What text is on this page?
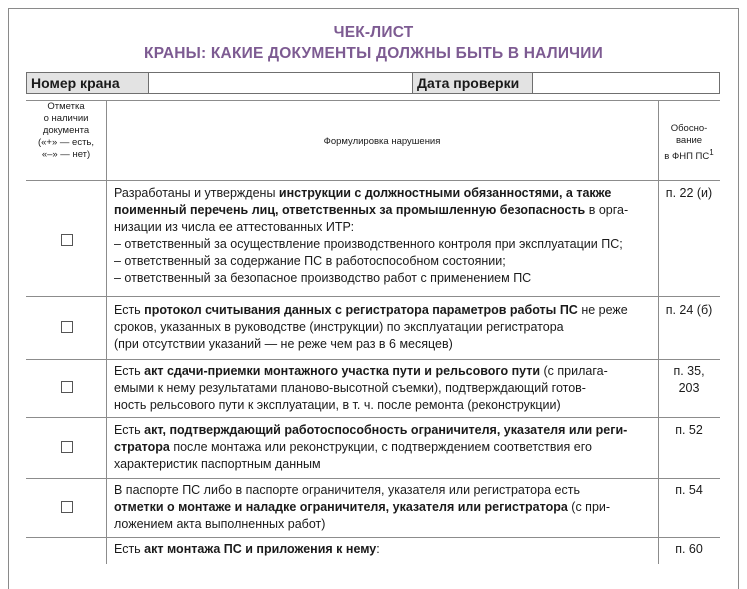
ЧЕК-ЛИСТ
КРАНЫ: КАКИЕ ДОКУМЕНТЫ ДОЛЖНЫ БЫТЬ В НАЛИЧИИ
Номер крана	Дата проверки
Отметка
о наличии
документа
(«+» — есть,
«–» — нет)
Формулировка нарушения
Обосно-
вание
в ФНП $ПС^1$

Разработаны и утверждены инструкции с должностными обязанностями, а также

поименный перечень лиц, ответственных за промышленную безопасность в орга-

низации из числа ее аттестованных ИТР:

– ответственный за осуществление производственного контроля при эксплуатации ПС;

– ответственный за содержание ПС в работоспособном состоянии;

– ответственный за безопасное производство работ с применением ПС

п. 22 (и)

Есть протокол считывания данных с регистратора параметров работы ПС не реже

сроков, указанных в руководстве (инструкции) по эксплуатации регистратора

(при отсутствии указаний — не реже чем раз в 6 месяцев)

п. 24 (б)

Есть акт сдачи-приемки монтажного участка пути и рельсового пути (с прилага-

емыми к нему результатами планово-высотной съемки), подтверждающий готов-

ность рельсового пути к эксплуатации, в т. ч. после ремонта (реконструкции)

п. 35,
203

Есть акт, подтверждающий работоспособность ограничителя, указателя или реги-

стратора после монтажа или реконструкции, с подтверждением соответствия его

характеристик паспортным данным

п. 52

В паспорте ПС либо в паспорте ограничителя, указателя или регистратора есть

отметки о монтаже и наладке ограничителя, указателя или регистратора (с при-

ложением акта выполненных работ)

п. 54

Есть акт монтажа ПС и приложения к нему:	п. 60
